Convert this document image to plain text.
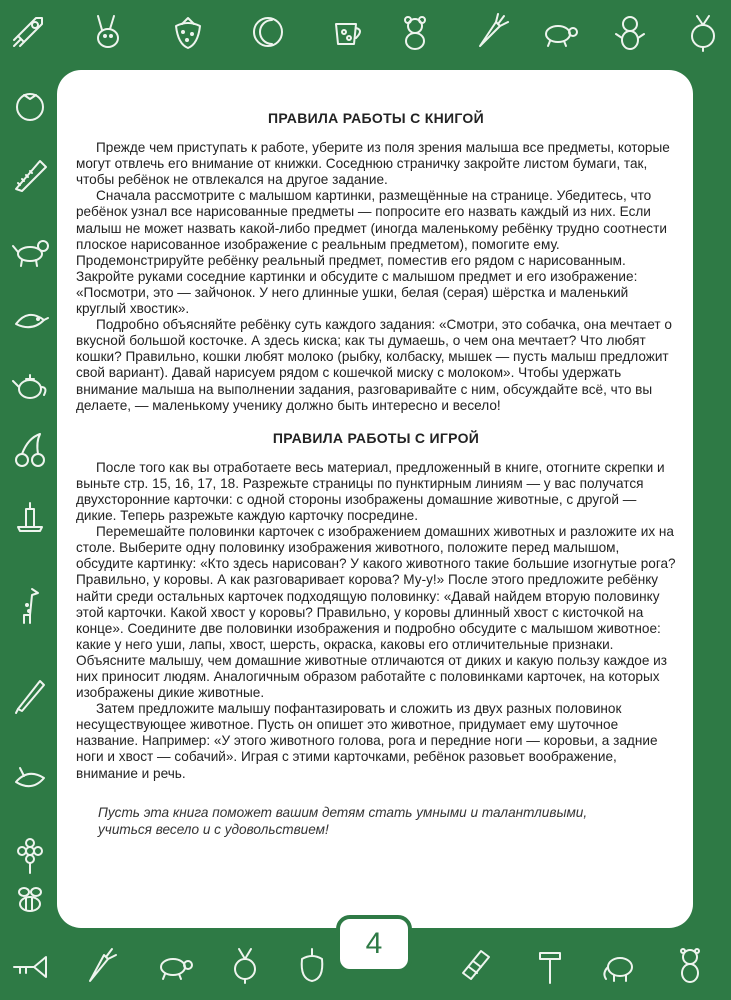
ПРАВИЛА РАБОТЫ С КНИГОЙ

Прежде чем приступать к работе, уберите из поля зрения малыша все предметы, которые могут отвлечь его внимание от книжки. Соседнюю страничку закройте листом бумаги, так, чтобы ребёнок не отвлекался на другое задание.

Сначала рассмотрите с малышом картинки, размещённые на странице. Убедитесь, что ребёнок узнал все нарисованные предметы — попросите его назвать каждый из них. Если малыш не может назвать какой-либо предмет (иногда маленькому ребёнку трудно соотнести плоское нарисованное изображение с реальным предметом), помогите ему. Продемонстрируйте ребёнку реальный предмет, поместив его рядом с нарисованным. Закройте руками соседние картинки и обсудите с малышом предмет и его изображение: «Посмотри, это — зайчонок. У него длинные ушки, белая (серая) шёрстка и маленький круглый хвостик».

Подробно объясняйте ребёнку суть каждого задания: «Смотри, это собачка, она мечтает о вкусной большой косточке. А здесь киска; как ты думаешь, о чем она мечтает? Что любят кошки? Правильно, кошки любят молоко (рыбку, колбаску, мышек — пусть малыш предложит свой вариант). Давай нарисуем рядом с кошечкой миску с молоком». Чтобы удержать внимание малыша на выполнении задания, разговаривайте с ним, обсуждайте всё, что вы делаете, — маленькому ученику должно быть интересно и весело!

ПРАВИЛА РАБОТЫ С ИГРОЙ

После того как вы отработаете весь материал, предложенный в книге, отогните скрепки и выньте стр. 15, 16, 17, 18. Разрежьте страницы по пунктирным линиям — у вас получатся двухсторонние карточки: с одной стороны изображены домашние животные, с другой — дикие. Теперь разрежьте каждую карточку посредине.

Перемешайте половинки карточек с изображением домашних животных и разложите их на столе. Выберите одну половинку изображения животного, положите перед малышом, обсудите картинку: «Кто здесь нарисован? У какого животного такие большие изогнутые рога? Правильно, у коровы. А как разговаривает корова? Му-у!» После этого предложите ребёнку найти среди остальных карточек подходящую половинку: «Давай найдем вторую половинку этой карточки. Какой хвост у коровы? Правильно, у коровы длинный хвост с кисточкой на конце». Соедините две половинки изображения и подробно обсудите с малышом животное: какие у него уши, лапы, хвост, шерсть, окраска, каковы его отличительные признаки. Объясните малышу, чем домашние животные отличаются от диких и какую пользу каждое из них приносит людям. Аналогичным образом работайте с половинками карточек, на которых изображены дикие животные.

Затем предложите малышу пофантазировать и сложить из двух разных половинок несуществующее животное. Пусть он опишет это животное, придумает ему шуточное название. Например: «У этого животного голова, рога и передние ноги — коровьи, а задние ноги и хвост — собачий». Играя с этими карточками, ребёнок разовьет воображение, внимание и речь.

Пусть эта книга поможет вашим детям стать умными и талантливыми, учиться весело и с удовольствием!

4
